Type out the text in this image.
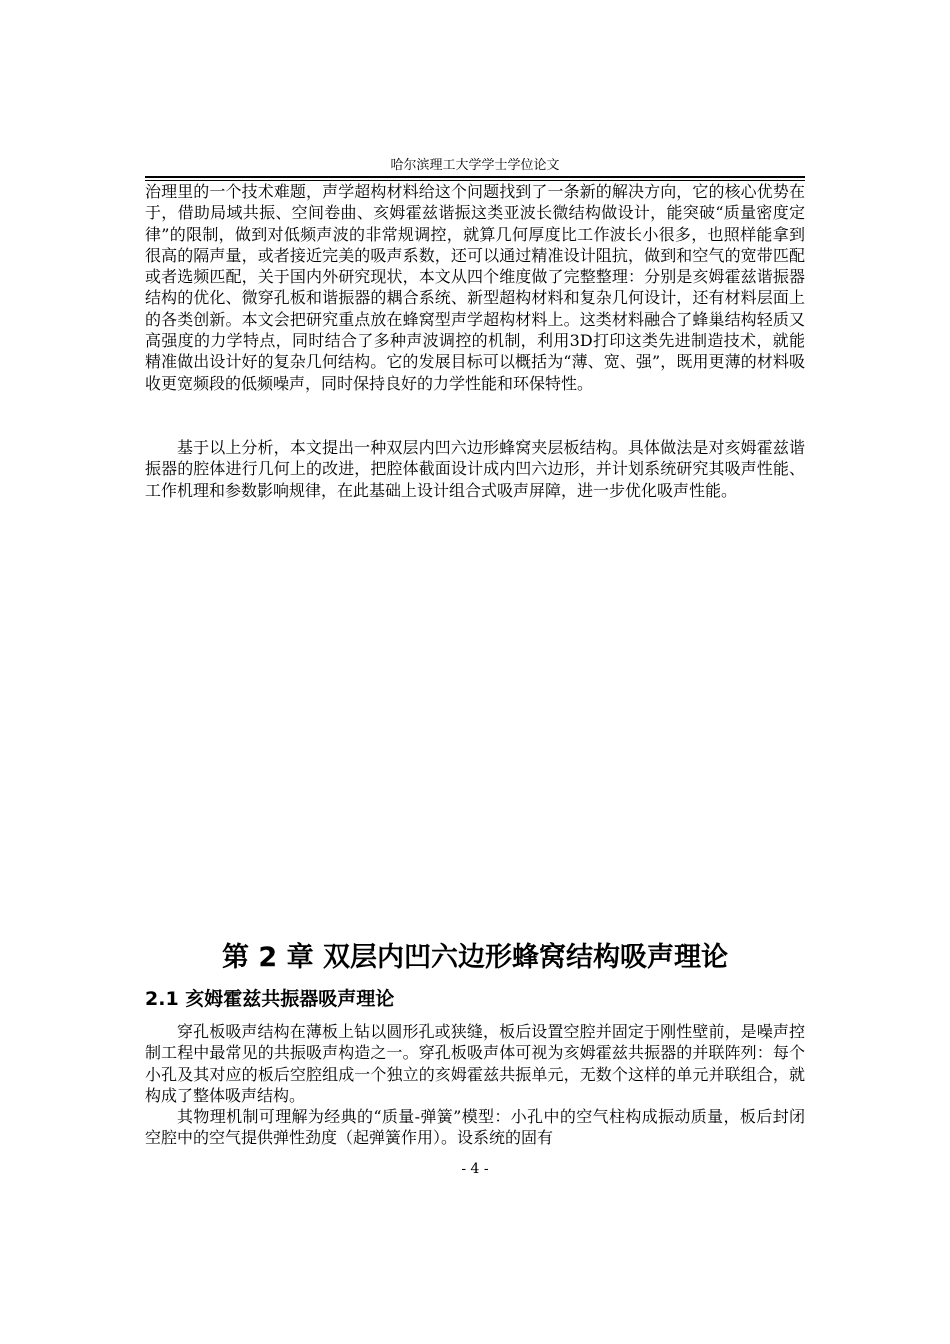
哈尔滨理工大学学士学位论文

治理里的一个技术难题，声学超构材料给这个问题找到了一条新的解决方向，它的核心优势在于，借助局域共振、空间卷曲、亥姆霍兹谐振这类亚波长微结构做设计，能突破“质量密度定律”的限制，做到对低频声波的非常规调控，就算几何厚度比工作波长小很多，也照样能拿到很高的隔声量，或者接近完美的吸声系数，还可以通过精准设计阻抗，做到和空气的宽带匹配或者选频匹配，关于国内外研究现状，本文从四个维度做了完整整理：分别是亥姆霍兹谐振器结构的优化、微穿孔板和谐振器的耦合系统、新型超构材料和复杂几何设计，还有材料层面上的各类创新。本文会把研究重点放在蜂窝型声学超构材料上。这类材料融合了蜂巢结构轻质又高强度的力学特点，同时结合了多种声波调控的机制，利用3D打印这类先进制造技术，就能精准做出设计好的复杂几何结构。它的发展目标可以概括为“薄、宽、强”，既用更薄的材料吸收更宽频段的低频噪声，同时保持良好的力学性能和环保特性。

基于以上分析，本文提出一种双层内凹六边形蜂窝夹层板结构。具体做法是对亥姆霍兹谐振器的腔体进行几何上的改进，把腔体截面设计成内凹六边形，并计划系统研究其吸声性能、工作机理和参数影响规律，在此基础上设计组合式吸声屏障，进一步优化吸声性能。

第 2 章 双层内凹六边形蜂窝结构吸声理论
2.1 亥姆霍兹共振器吸声理论

穿孔板吸声结构在薄板上钻以圆形孔或狭缝，板后设置空腔并固定于刚性壁前，是噪声控制工程中最常见的共振吸声构造之一。穿孔板吸声体可视为亥姆霍兹共振器的并联阵列：每个小孔及其对应的板后空腔组成一个独立的亥姆霍兹共振单元，无数个这样的单元并联组合，就构成了整体吸声结构。

其物理机制可理解为经典的“质量-弹簧”模型：小孔中的空气柱构成振动质量，板后封闭空腔中的空气提供弹性劲度（起弹簧作用）。设系统的固有

- 4 -
